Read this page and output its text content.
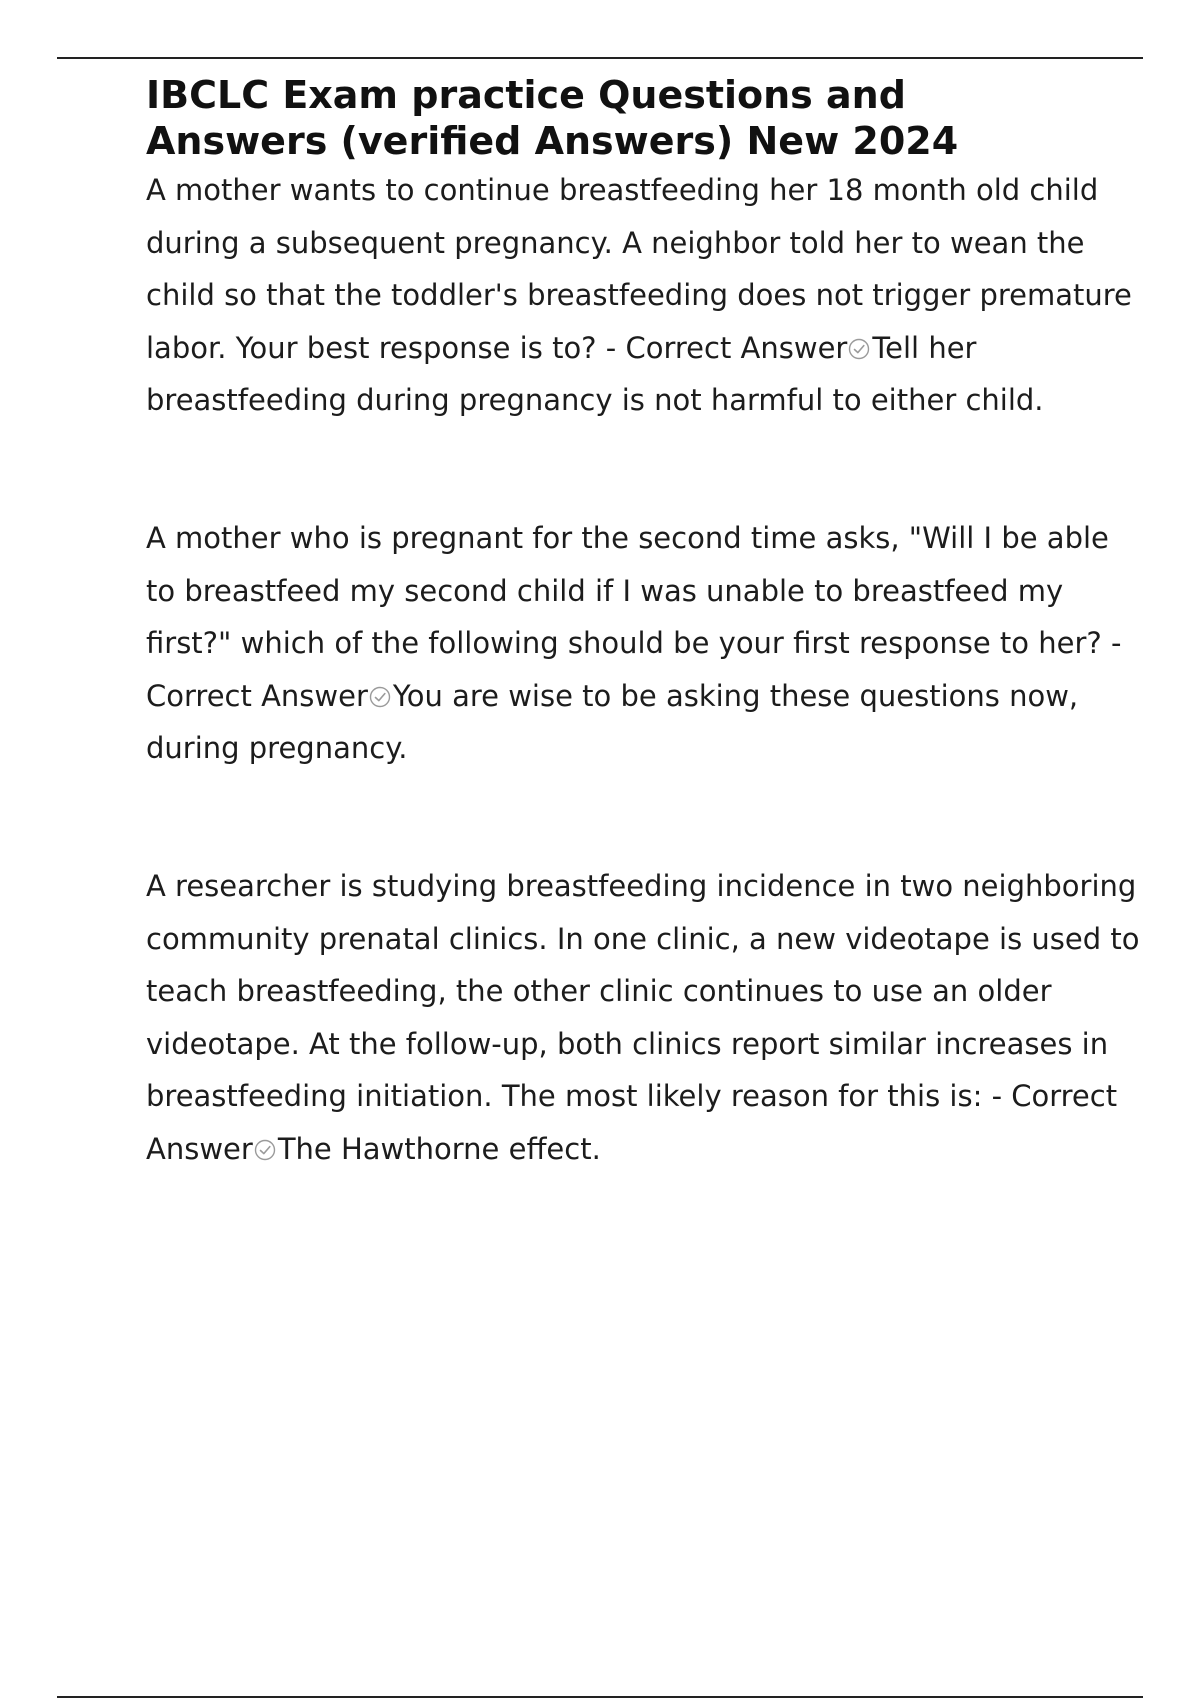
IBCLC Exam practice Questions and
Answers (verified Answers) New 2024

A mother wants to continue breastfeeding her 18 month old child during a subsequent pregnancy. A neighbor told her to wean the child so that the toddler's breastfeeding does not trigger premature labor. Your best response is to? - Correct Answer Tell her breastfeeding during pregnancy is not harmful to either child.

A mother who is pregnant for the second time asks, "Will I be able to breastfeed my second child if I was unable to breastfeed my first?" which of the following should be your first response to her? - Correct Answer You are wise to be asking these questions now, during pregnancy.

A researcher is studying breastfeeding incidence in two neighboring community prenatal clinics. In one clinic, a new videotape is used to teach breastfeeding, the other clinic continues to use an older videotape. At the follow-up, both clinics report similar increases in breastfeeding initiation. The most likely reason for this is: - Correct Answer The Hawthorne effect.
